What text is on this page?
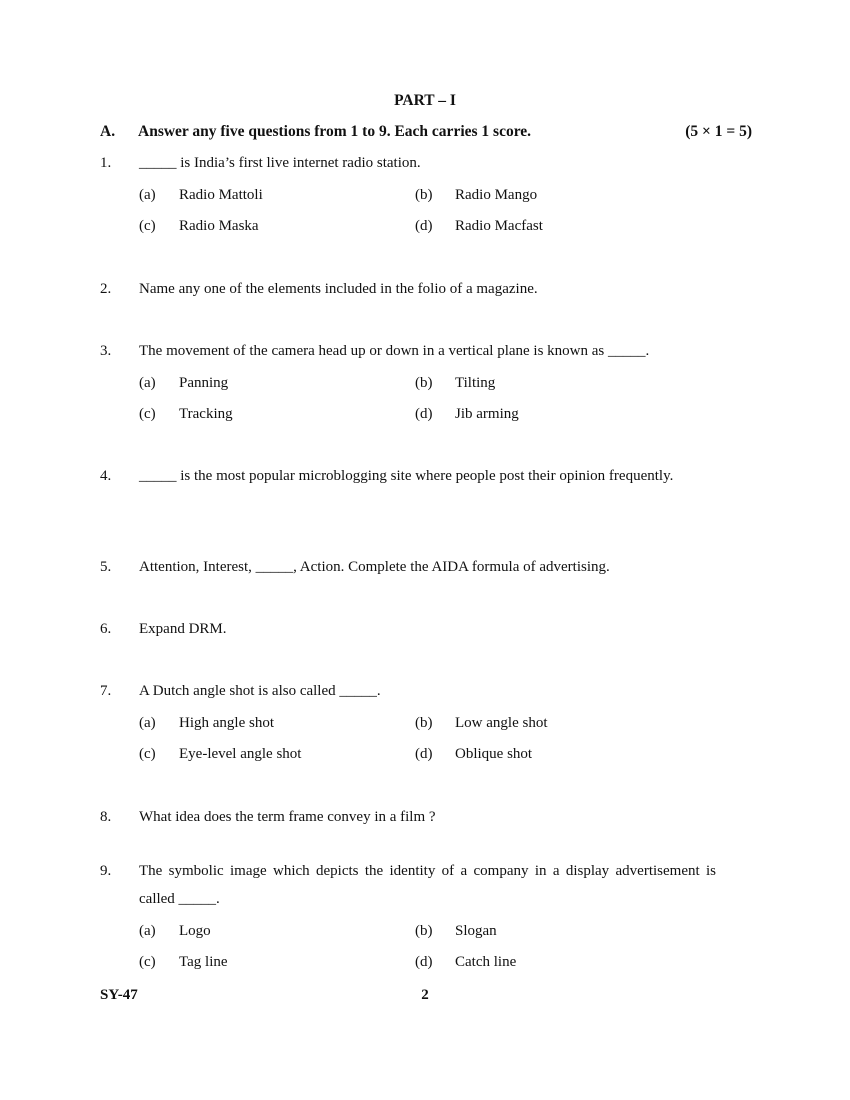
PART – I
A. Answer any five questions from 1 to 9. Each carries 1 score.	(5 × 1 = 5)
1. _____ is India’s first live internet radio station.
(a) Radio Mattoli	(b) Radio Mango
(c) Radio Maska	(d) Radio Macfast
2. Name any one of the elements included in the folio of a magazine.
3. The movement of the camera head up or down in a vertical plane is known as _____.
(a) Panning	(b) Tilting
(c) Tracking	(d) Jib arming
4. _____ is the most popular microblogging site where people post their opinion frequently.
5. Attention, Interest, _____, Action. Complete the AIDA formula of advertising.
6. Expand DRM.
7. A Dutch angle shot is also called _____.
(a) High angle shot	(b) Low angle shot
(c) Eye-level angle shot	(d) Oblique shot
8. What idea does the term frame convey in a film ?
9. The symbolic image which depicts the identity of a company in a display advertisement is called _____.
(a) Logo	(b) Slogan
(c) Tag line	(d) Catch line
SY-47	2
